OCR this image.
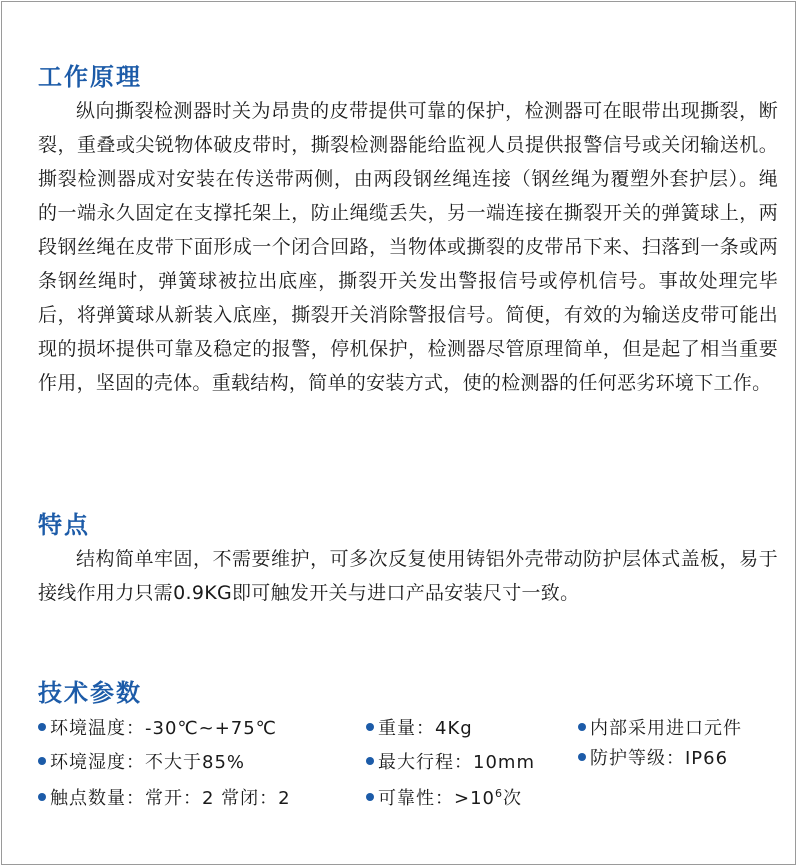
工作原理

纵向撕裂检测器时关为昂贵的皮带提供可靠的保护，检测器可在眼带出现撕裂，断裂，重叠或尖锐物体破皮带时，撕裂检测器能给监视人员提供报警信号或关闭输送机。撕裂检测器成对安装在传送带两侧，由两段钢丝绳连接（钢丝绳为覆塑外套护层）。绳的一端永久固定在支撑托架上，防止绳缆丢失，另一端连接在撕裂开关的弹簧球上，两段钢丝绳在皮带下面形成一个闭合回路，当物体或撕裂的皮带吊下来、扫落到一条或两条钢丝绳时，弹簧球被拉出底座，撕裂开关发出警报信号或停机信号。事故处理完毕后，将弹簧球从新装入底座，撕裂开关消除警报信号。简便，有效的为输送皮带可能出现的损坏提供可靠及稳定的报警，停机保护，检测器尽管原理简单，但是起了相当重要作用，坚固的壳体。重载结构，简单的安装方式，使的检测器的任何恶劣环境下工作。

特点

结构简单牢固，不需要维护，可多次反复使用铸铝外壳带动防护层体式盖板，易于接线作用力只需0.9KG即可触发开关与进口产品安装尺寸一致。

技术参数
环境温度：-30℃~+75℃	重量：4Kg	内部采用进口元件
环境湿度：不大于85%	最大行程：10mm	防护等级：IP66
触点数量：常开：2 常闭：2	可靠性：$>10^6$次
